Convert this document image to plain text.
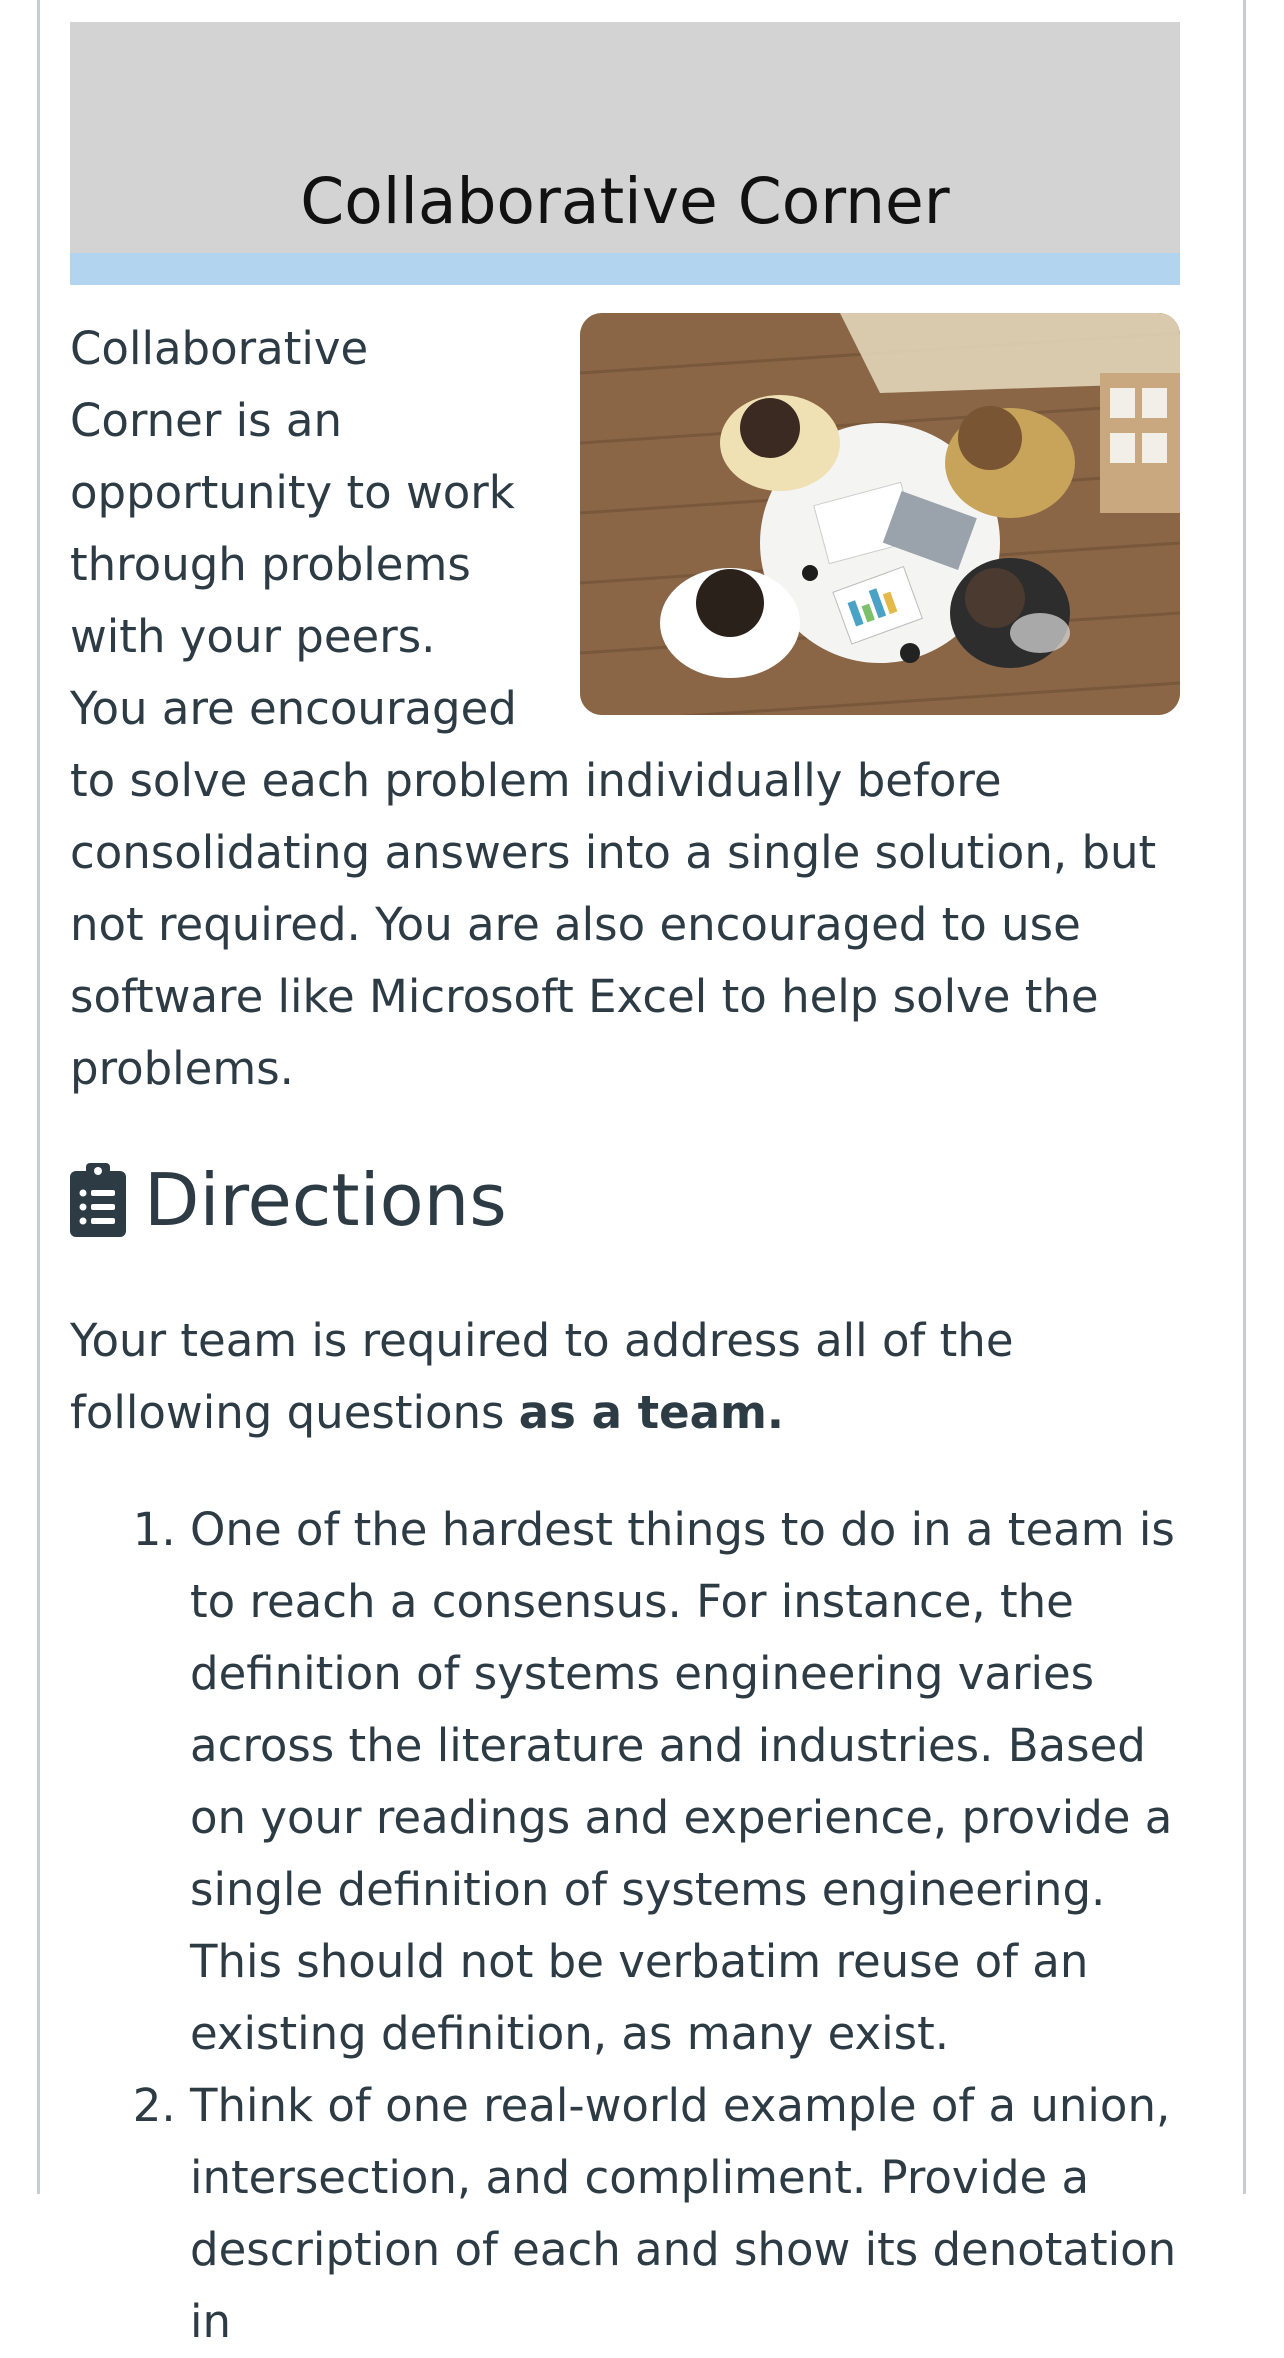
Collaborative Corner

Collaborative Corner is an opportunity to work through problems with your peers. You are encouraged to solve each problem individually before consolidating answers into a single solution, but not required. You are also encouraged to use software like Microsoft Excel to help solve the problems.

Directions

Your team is required to address all of the following questions as a team.

1. One of the hardest things to do in a team is to reach a consensus. For instance, the definition of systems engineering varies across the literature and industries. Based on your readings and experience, provide a single definition of systems engineering. This should not be verbatim reuse of an existing definition, as many exist.
2. Think of one real-world example of a union, intersection, and compliment. Provide a description of each and show its denotation in
